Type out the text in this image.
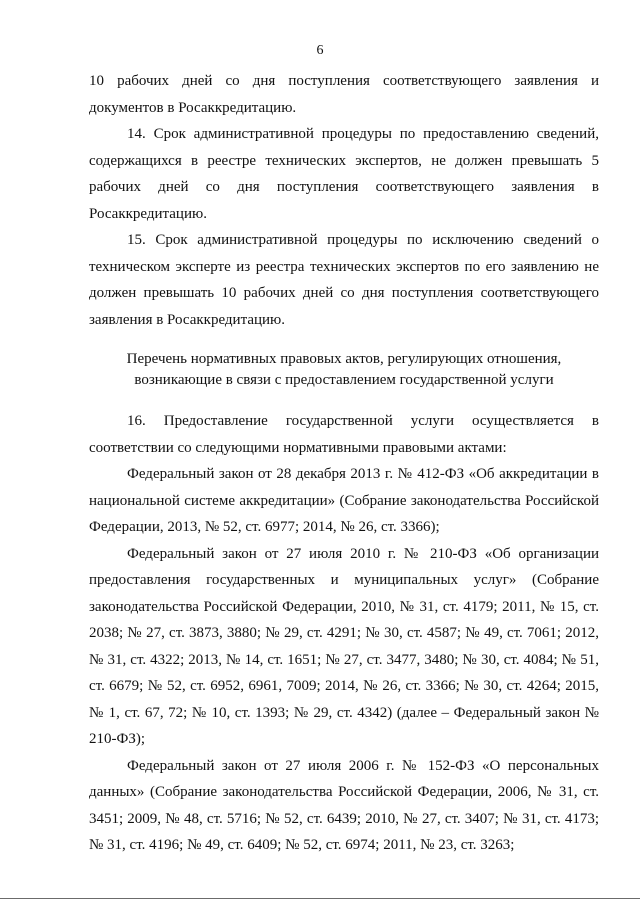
6

10 рабочих дней со дня поступления соответствующего заявления и документов в Росаккредитацию.

14. Срок административной процедуры по предоставлению сведений, содержащихся в реестре технических экспертов, не должен превышать 5 рабочих дней со дня поступления соответствующего заявления в Росаккредитацию.

15. Срок административной процедуры по исключению сведений о техническом эксперте из реестра технических экспертов по его заявлению не должен превышать 10 рабочих дней со дня поступления соответствующего заявления в Росаккредитацию.

Перечень нормативных правовых актов, регулирующих отношения,
возникающие в связи с предоставлением государственной услуги

16. Предоставление государственной услуги осуществляется в соответствии со следующими нормативными правовыми актами:

Федеральный закон от 28 декабря 2013 г. № 412-ФЗ «Об аккредитации в национальной системе аккредитации» (Собрание законодательства Российской Федерации, 2013, № 52, ст. 6977; 2014, № 26, ст. 3366);

Федеральный закон от 27 июля 2010 г. № 210-ФЗ «Об организации предоставления государственных и муниципальных услуг» (Собрание законодательства Российской Федерации, 2010, № 31, ст. 4179; 2011, № 15, ст. 2038; № 27, ст. 3873, 3880; № 29, ст. 4291; № 30, ст. 4587; № 49, ст. 7061; 2012, № 31, ст. 4322; 2013, № 14, ст. 1651; № 27, ст. 3477, 3480; № 30, ст. 4084; № 51, ст. 6679; № 52, ст. 6952, 6961, 7009; 2014, № 26, ст. 3366; № 30, ст. 4264; 2015, № 1, ст. 67, 72; № 10, ст. 1393; № 29, ст. 4342) (далее – Федеральный закон № 210-ФЗ);

Федеральный закон от 27 июля 2006 г. № 152-ФЗ «О персональных данных» (Собрание законодательства Российской Федерации, 2006, № 31, ст. 3451; 2009, № 48, ст. 5716; № 52, ст. 6439; 2010, № 27, ст. 3407; № 31, ст. 4173; № 31, ст. 4196; № 49, ст. 6409; № 52, ст. 6974; 2011, № 23, ст. 3263;
